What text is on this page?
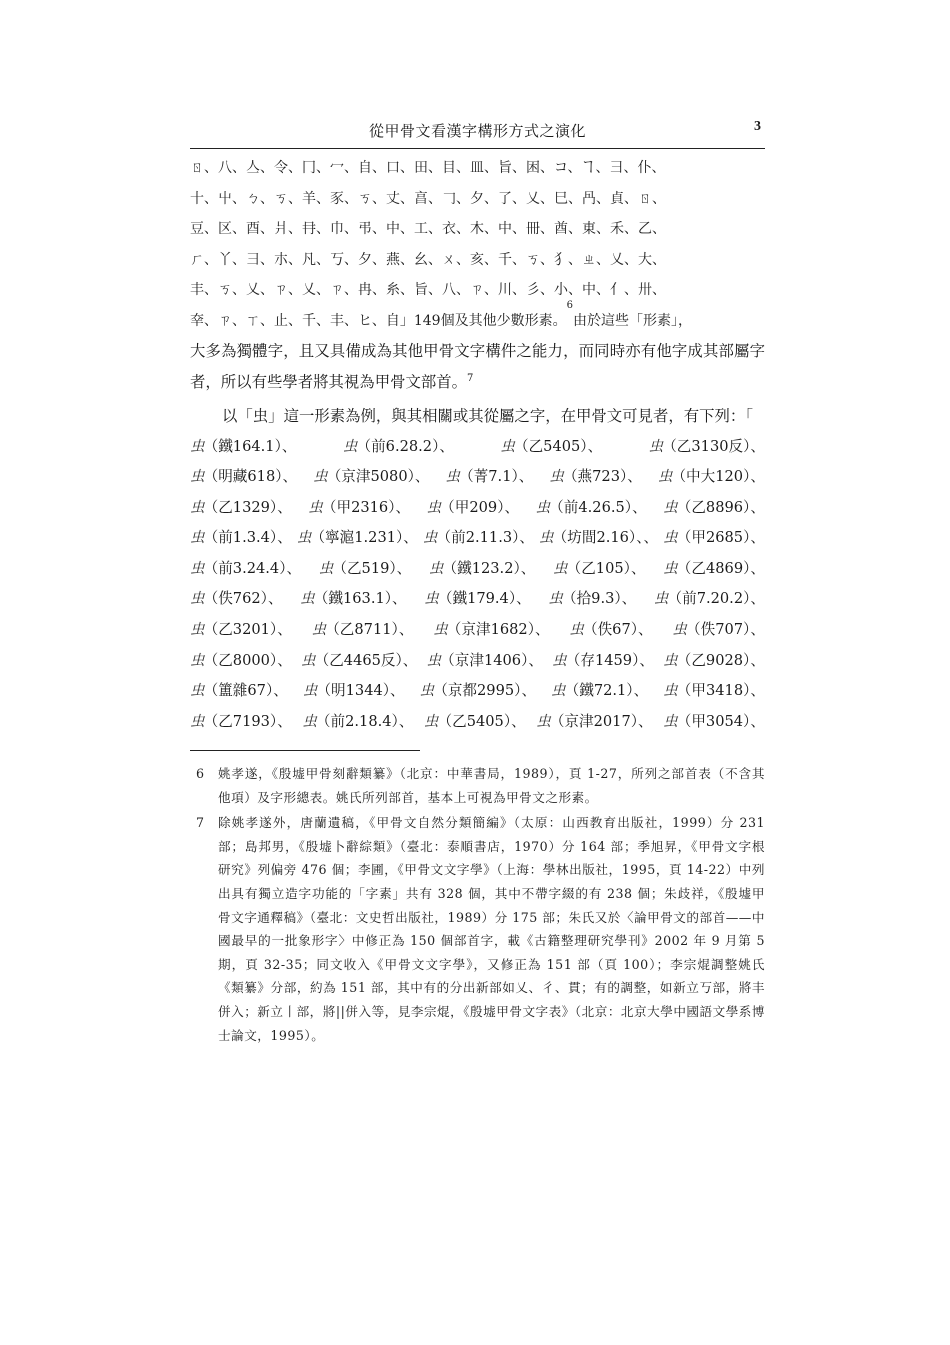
從甲骨文看漢字構形方式之演化	3
ㄖ、八、亼、令、冂、冖、自、口、田、目、皿、旨、困、コ、ヿ、彐、仆、
十、屮、ㄅ、ㄎ、羊、豕、ㄎ、丈、亯、𠃌、夕、了、乂、巳、冎、貞、ㄖ、
豆、区、酉、爿、冄、巾、弔、中、工、衣、木、中、冊、酋、東、禾、乙、
ㄏ、丫、彐、朩、凡、丂、夕、燕、幺、ㄨ、亥、千、ㄎ、犭、ㄓ、乂、大、
丰、ㄎ、乂、ㄗ、乂、ㄗ、冉、糸、旨、八、ㄗ、川、彡、小、中、亻、卅、
㚔、ㄗ、ㄒ、止、千、丰、ヒ、自」149個及其他少數形素。
6
由於這些「形素」，

大多為獨體字，且又具備成為其他甲骨文字構件之能力，而同時亦有他字成其部屬字者，所以有些學者將其視為甲骨文部首。$^7$

以「虫」這一形素為例，與其相關或其從屬之字，在甲骨文可見者，有下列：「

虫（鐵164.1）、	虫（前6.28.2）、	虫（乙5405）、	虫（乙3130反）、
虫（明藏618）、 虫（京津5080）、 虫（菁7.1）、 虫（燕723）、 虫（中大120）、
虫（乙1329）、 虫（甲2316）、 虫（甲209）、 虫（前4.26.5）、 虫（乙8896）、
虫（前1.3.4）、 虫（寧滬1.231）、 虫（前2.11.3）、 虫（坊間2.16）、、 虫（甲2685）、
虫（前3.24.4）、 虫（乙519）、 虫（鐵123.2）、 虫（乙105）、 虫（乙4869）、
虫（佚762）、 虫（鐵163.1）、 虫（鐵179.4）、 虫（拾9.3）、 虫（前7.20.2）、
虫（乙3201）、 虫（乙8711）、 虫（京津1682）、 虫（佚67）、 虫（佚707）、
虫（乙8000）、 虫（乙4465反）、 虫（京津1406）、 虫（存1459）、 虫（乙9028）、
虫（簠雜67）、 虫（明1344）、 虫（京都2995）、 虫（鐵72.1）、 虫（甲3418）、
虫（乙7193）、 虫（前2.18.4）、 虫（乙5405）、 虫（京津2017）、 虫（甲3054）、
6	姚孝遂，《殷墟甲骨刻辭類纂》（北京：中華書局，1989），頁 1-27，所列之部首表（不含其他項）及字形總表。姚氏所列部首，基本上可視為甲骨文之形素。
7	除姚孝遂外，唐蘭遺稿，《甲骨文自然分類簡編》（太原：山西教育出版社，1999）分 231 部；島邦男，《殷墟卜辭綜類》（臺北：泰順書店，1970）分 164 部；季旭昇，《甲骨文字根研究》列偏旁 476 個；李圃，《甲骨文文字學》（上海：學林出版社，1995，頁 14-22）中列出具有獨立造字功能的「字素」共有 328 個，其中不帶字綴的有 238 個；朱歧祥，《殷墟甲骨文字通釋稿》（臺北：文史哲出版社，1989）分 175 部；朱氏又於〈論甲骨文的部首——中國最早的一批象形字〉中修正為 150 個部首字，載《古籍整理研究學刊》2002 年 9 月第 5 期，頁 32-35；同文收入《甲骨文文字學》，又修正為 151 部（頁 100）；李宗焜調整姚氏《類纂》分部，約為 151 部，其中有的分出新部如乂、彳、貫；有的調整，如新立丂部，將丰併入；新立丨部，將||併入等，見李宗焜，《殷墟甲骨文字表》（北京：北京大學中國語文學系博士論文，1995）。
